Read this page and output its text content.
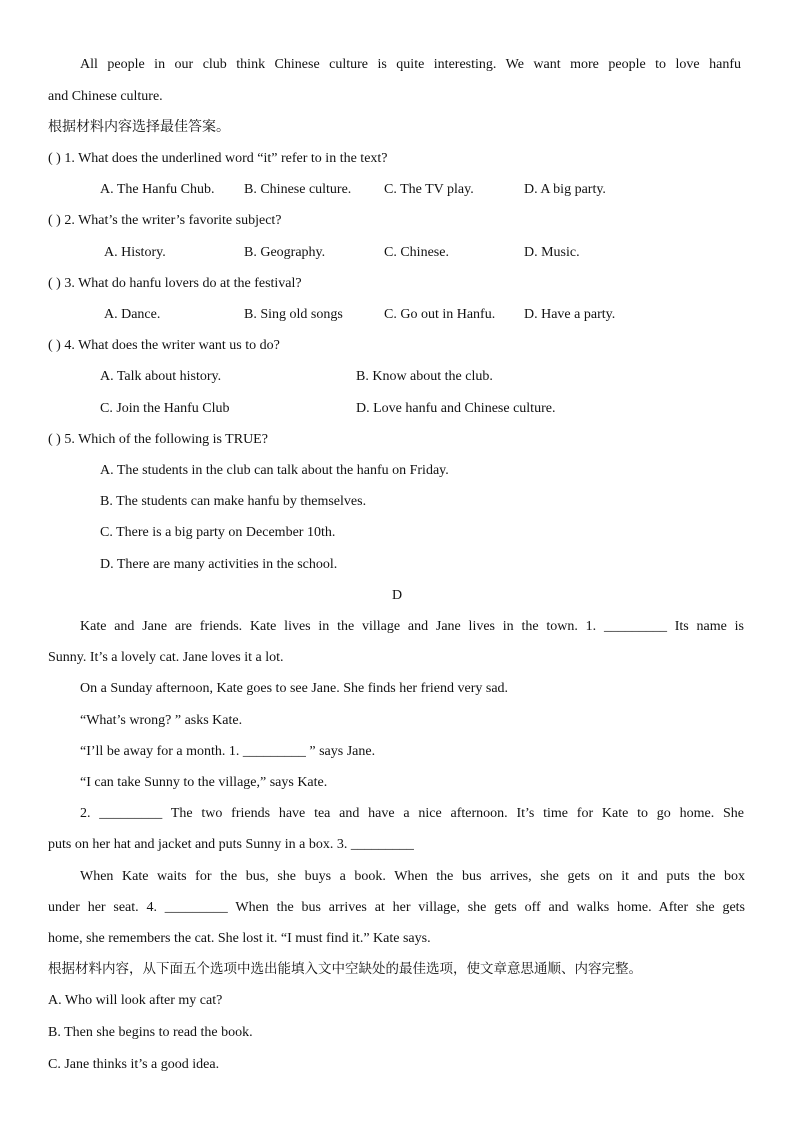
All people in our club think Chinese culture is quite interesting. We want more people to love hanfu
and Chinese culture.
根据材料内容选择最佳答案。
( ) 1. What does the underlined word “it” refer to in the text?
A. The Hanfu Chub. B. Chinese culture. C. The TV play.	D. A big party.
( ) 2. What’s the writer’s favorite subject?
A. History.	B. Geography.	C. Chinese.	D. Music.
( ) 3. What do hanfu lovers do at the festival?
A. Dance.	B. Sing old songs	C. Go out in Hanfu. D. Have a party.
( ) 4. What does the writer want us to do?
A. Talk about history.	B. Know about the club.
C. Join the Hanfu Club	D. Love hanfu and Chinese culture.
( ) 5. Which of the following is TRUE?
A. The students in the club can talk about the hanfu on Friday.
B. The students can make hanfu by themselves.
C. There is a big party on December 10th.
D. There are many activities in the school.
D
Kate and Jane are friends. Kate lives in the village and Jane lives in the town. 1. _________ Its name is
Sunny. It’s a lovely cat. Jane loves it a lot.
On a Sunday afternoon, Kate goes to see Jane. She finds her friend very sad.
“What’s wrong? ” asks Kate.
“I’ll be away for a month. 1. _________ ” says Jane.
“I can take Sunny to the village,” says Kate.
2. _________ The two friends have tea and have a nice afternoon. It’s time for Kate to go home. She
puts on her hat and jacket and puts Sunny in a box. 3. _________
When Kate waits for the bus, she buys a book. When the bus arrives, she gets on it and puts the box
under her seat. 4. _________ When the bus arrives at her village, she gets off and walks home. After she gets
home, she remembers the cat. She lost it. “I must find it.” Kate says.
根据材料内容，从下面五个选项中选出能填入文中空缺处的最佳选项，使文章意思通顺、内容完整。
A. Who will look after my cat?
B. Then she begins to read the book.
C. Jane thinks it’s a good idea.
